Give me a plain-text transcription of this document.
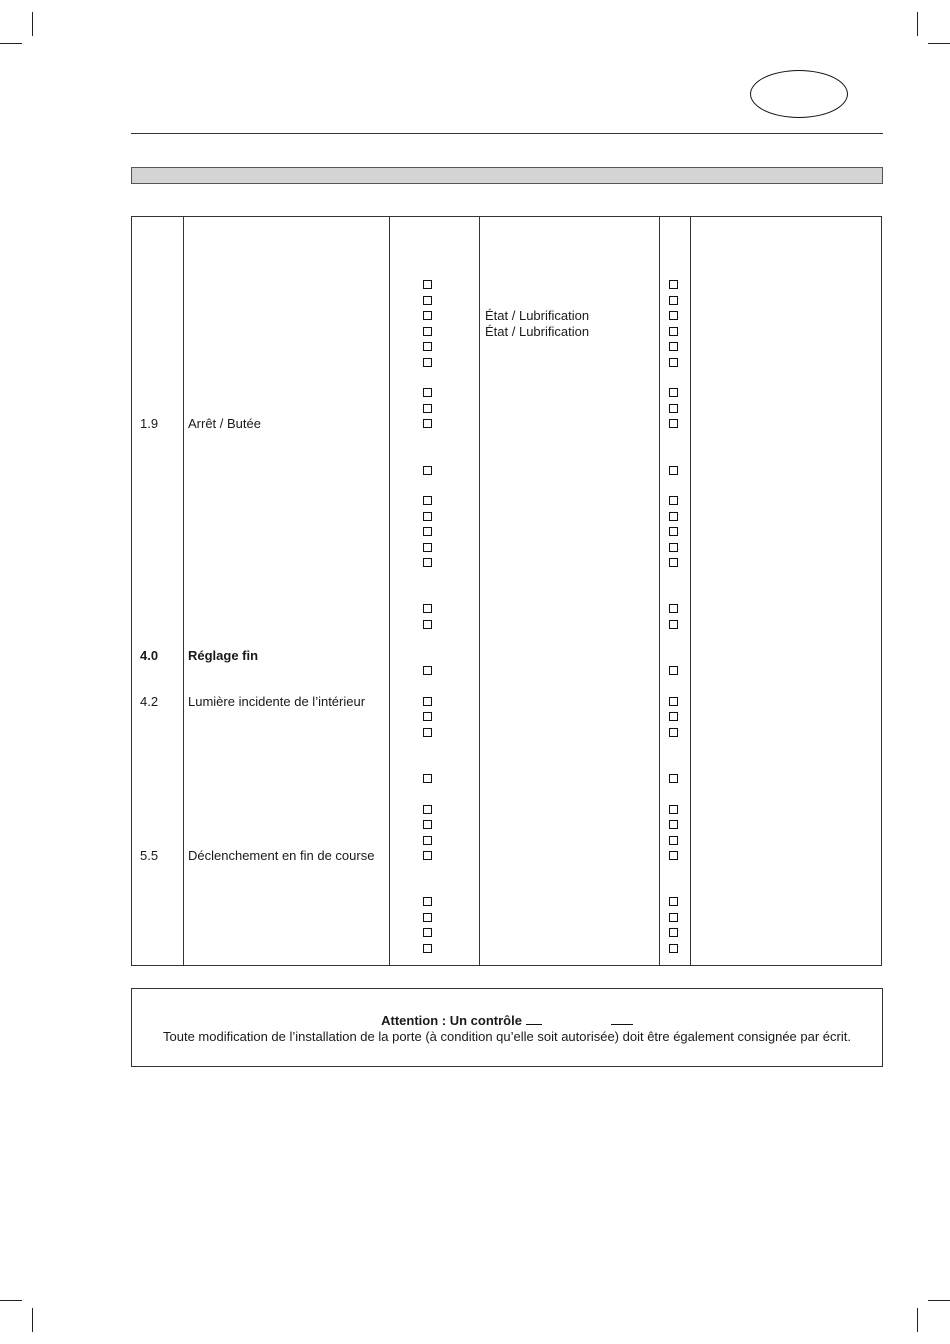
1.9 Arrêt / Butée
4.0 Réglage fin
4.2 Lumière incidente de l’intérieur
5.5 Déclenchement en fin de course
État / Lubrification
État / Lubrification
Attention : Un contrôle
Toute modification de l’installation de la porte (à condition qu’elle soit autorisée) doit être également consignée par écrit.
